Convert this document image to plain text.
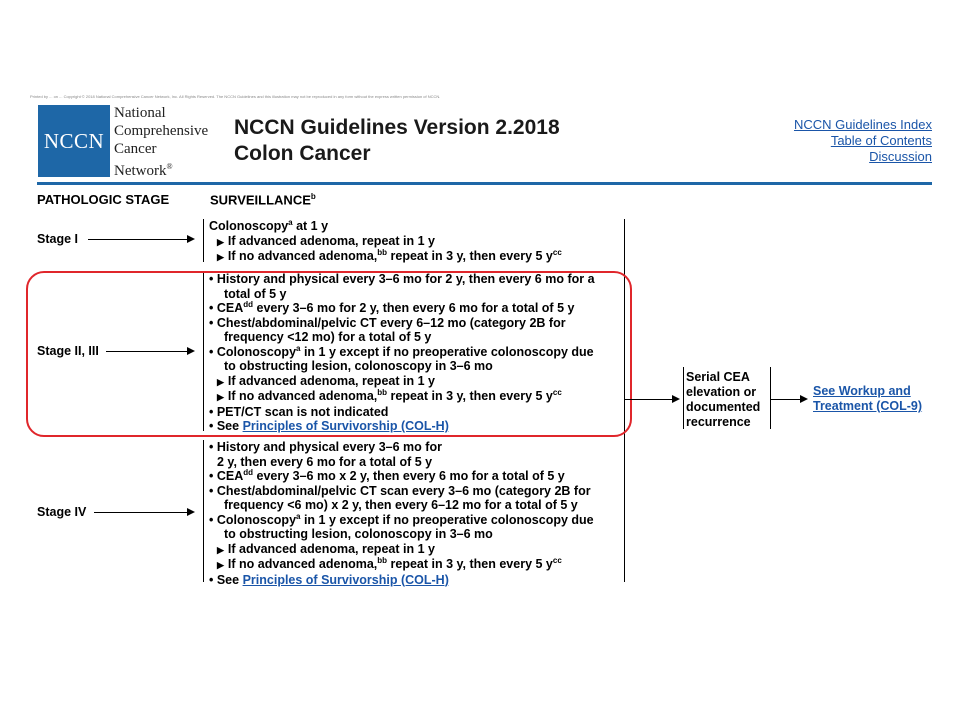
Printed by ... on ... Copyright © 2018 National Comprehensive Cancer Network, Inc. All Rights Reserved. The NCCN Guidelines and this illustration may not be reproduced in any form without the express written permission of NCCN.
NCCN
National
Comprehensive
Cancer
Network®
NCCN Guidelines Version 2.2018
Colon Cancer
NCCN Guidelines Index
Table of Contents
Discussion
PATHOLOGIC STAGE	SURVEILLANCE$^b$
Stage I
Stage II, III
Stage IV
Colonoscopy$^a$ at 1 y
▶ If advanced adenoma, repeat in 1 y
▶ If no advanced adenoma,$^{bb}$ repeat in 3 y, then every 5 $y^{cc}$
• History and physical every 3–6 mo for 2 y, then every 6 mo for a
total of 5 y
• $CEA^{dd}$ every 3–6 mo for 2 y, then every 6 mo for a total of 5 y
• Chest/abdominal/pelvic CT every 6–12 mo (category 2B for
frequency <12 mo) for a total of 5 y
• Colonoscopy$^a$ in 1 y except if no preoperative colonoscopy due
to obstructing lesion, colonoscopy in 3–6 mo
▶ If advanced adenoma, repeat in 1 y
▶ If no advanced adenoma,$^{bb}$ repeat in 3 y, then every 5 $y^{cc}$
• PET/CT scan is not indicated
• See Principles of Survivorship (COL-H)
• History and physical every 3–6 mo for
2 y, then every 6 mo for a total of 5 y
• $CEA^{dd}$ every 3–6 mo x 2 y, then every 6 mo for a total of 5 y
• Chest/abdominal/pelvic CT scan every 3–6 mo (category 2B for
frequency <6 mo) x 2 y, then every 6–12 mo for a total of 5 y
• Colonoscopy$^a$ in 1 y except if no preoperative colonoscopy due
to obstructing lesion, colonoscopy in 3–6 mo
▶ If advanced adenoma, repeat in 1 y
▶ If no advanced adenoma,$^{bb}$ repeat in 3 y, then every 5 $y^{cc}$
• See Principles of Survivorship (COL-H)
Serial CEA
elevation or
documented
recurrence
See Workup and
Treatment (COL-9)
